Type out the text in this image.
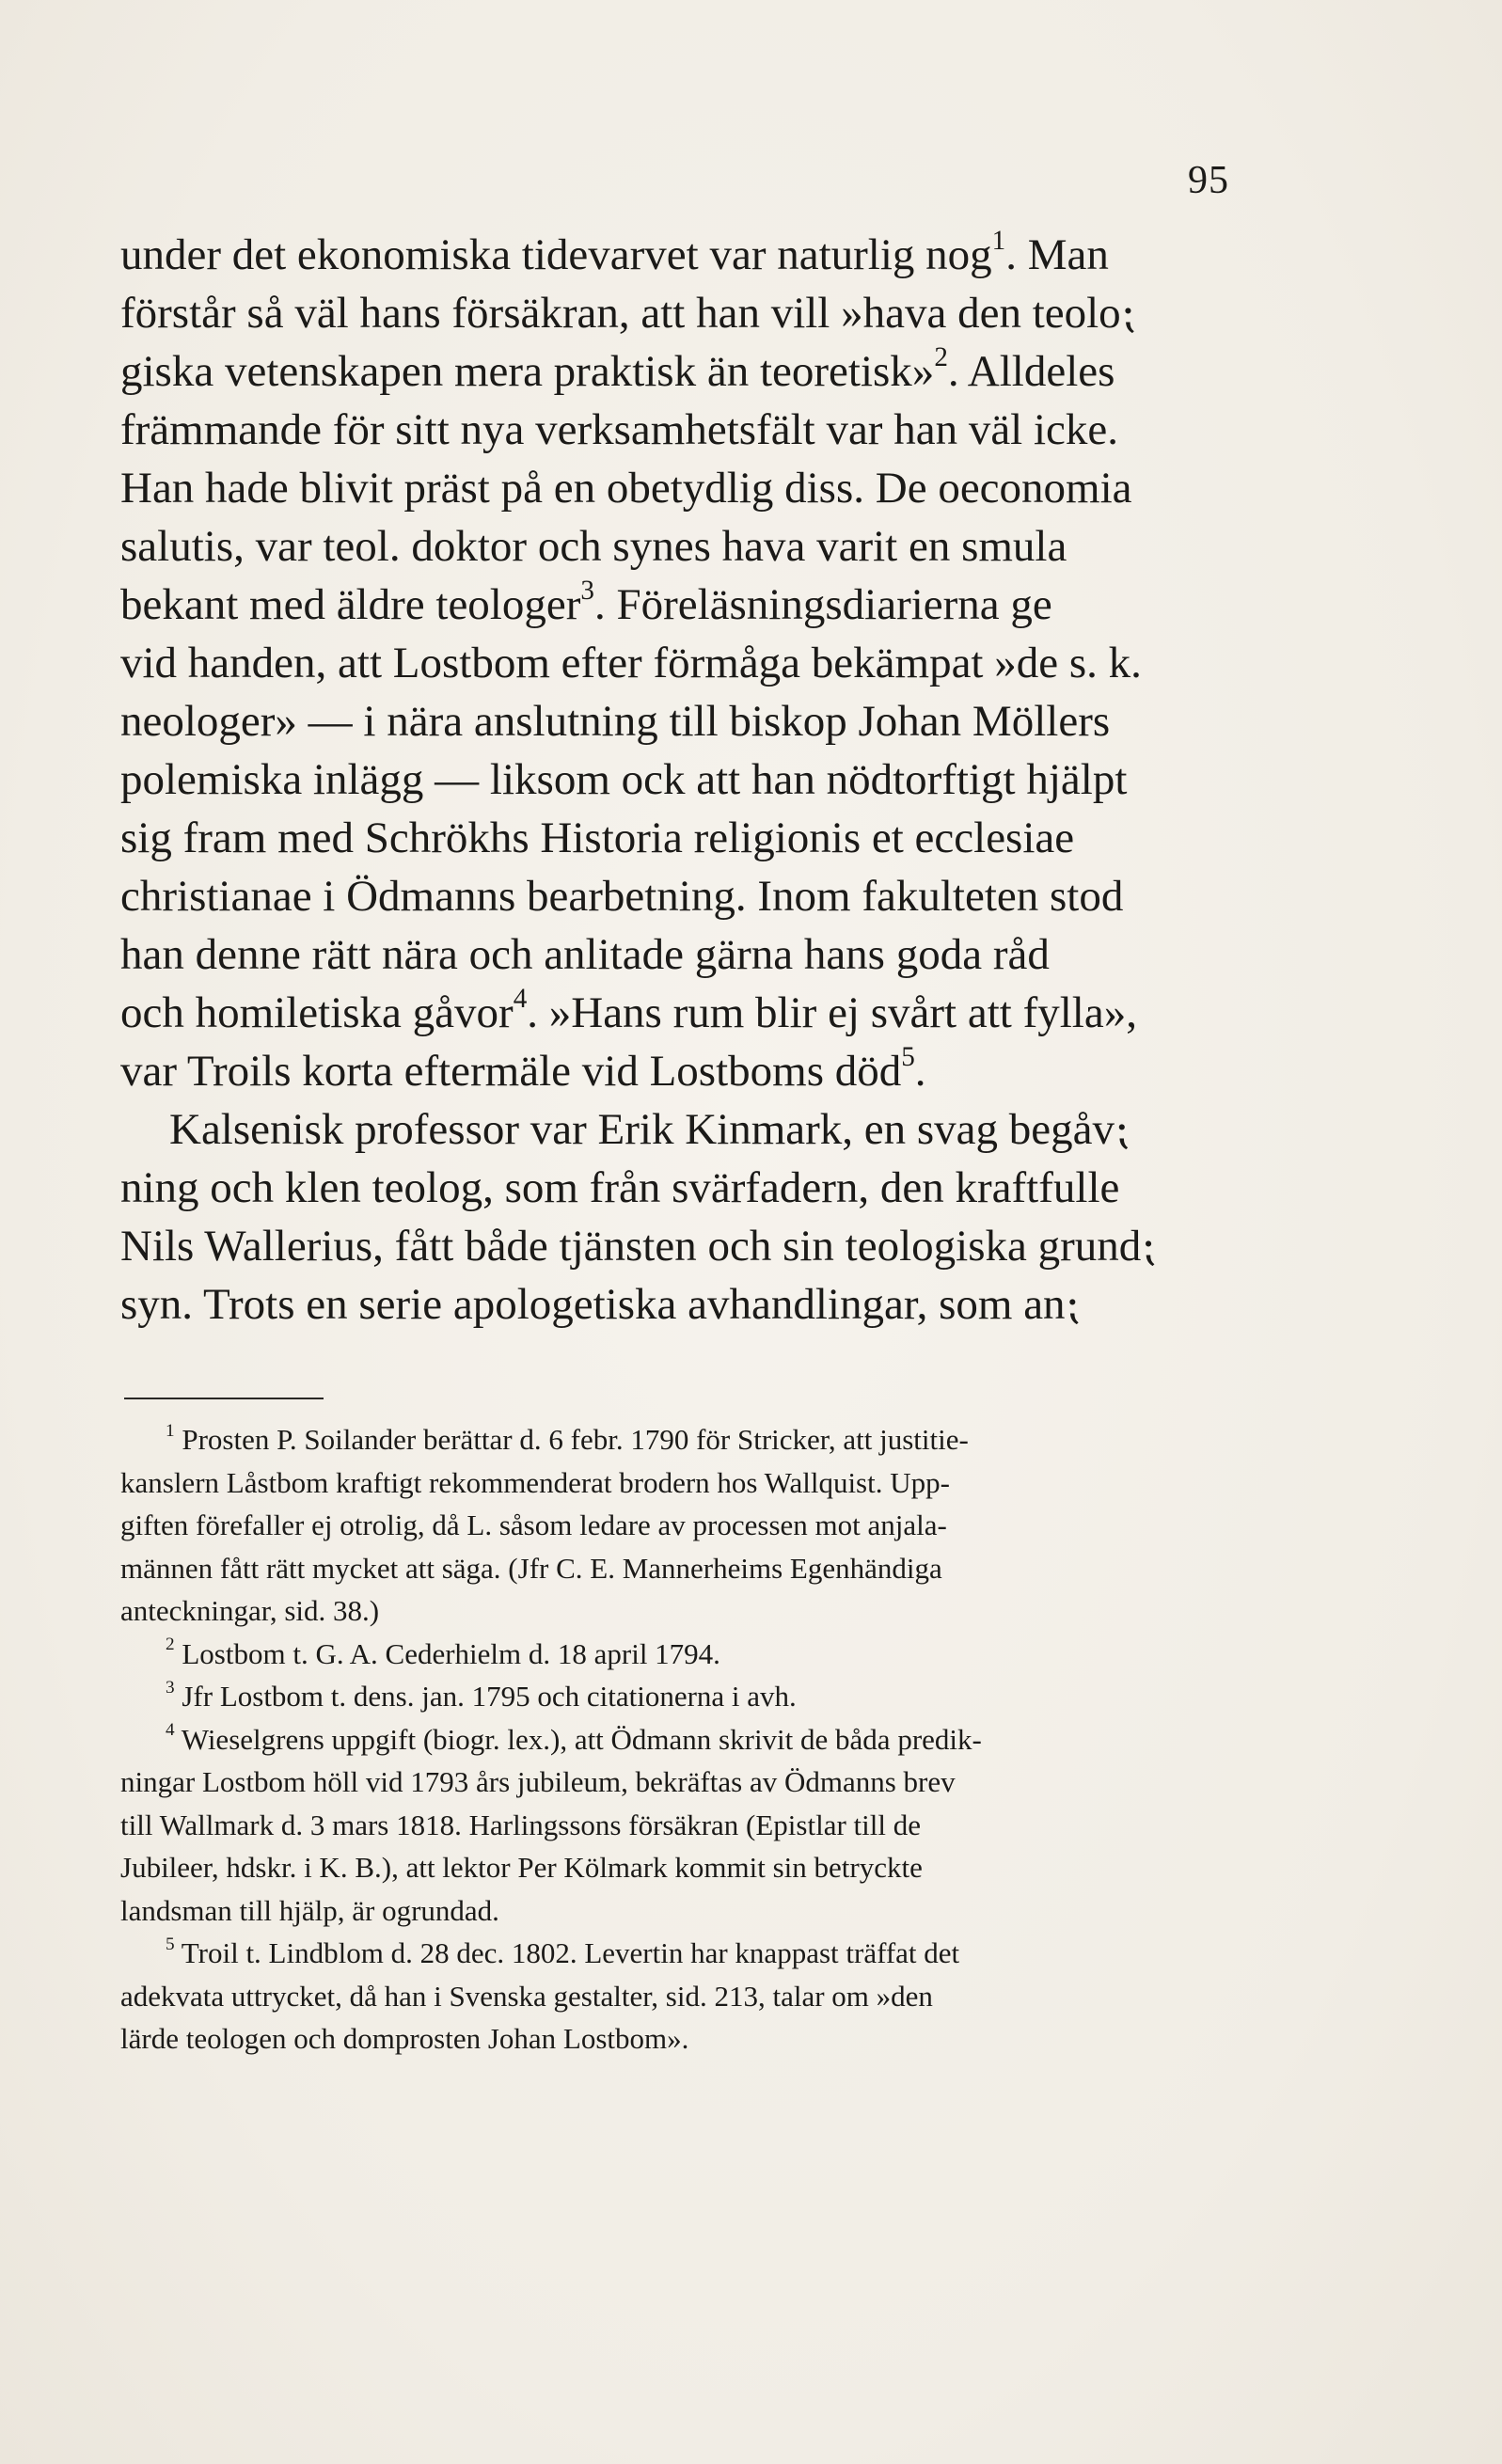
95
under det ekonomiska tidevarvet var naturlig nog$^1$. Man
förstår så väl hans försäkran, att han vill »hava den teolo⁏
giska vetenskapen mera praktisk än teoretisk»$^2$. Alldeles
främmande för sitt nya verksamhetsfält var han väl icke.
Han hade blivit präst på en obetydlig diss. De oeconomia
salutis, var teol. doktor och synes hava varit en smula
bekant med äldre teologer$^3$. Föreläsningsdiarierna ge
vid handen, att Lostbom efter förmåga bekämpat »de s. k.
neologer» — i nära anslutning till biskop Johan Möllers
polemiska inlägg — liksom ock att han nödtorftigt hjälpt
sig fram med Schrökhs Historia religionis et ecclesiae
christianae i Ödmanns bearbetning. Inom fakulteten stod
han denne rätt nära och anlitade gärna hans goda råd
och homiletiska gåvor$^4$. »Hans rum blir ej svårt att fylla»,
var Troils korta eftermäle vid Lostboms död$^5$.
Kalsenisk professor var Erik Kinmark, en svag begåv⁏
ning och klen teolog, som från svärfadern, den kraftfulle
Nils Wallerius, fått både tjänsten och sin teologiska grund⁏
syn. Trots en serie apologetiska avhandlingar, som an⁏
$^1$ Prosten P. Soilander berättar d. 6 febr. 1790 för Stricker, att justitie-
kanslern Låstbom kraftigt rekommenderat brodern hos Wallquist. Upp-
giften förefaller ej otrolig, då L. såsom ledare av processen mot anjala-
männen fått rätt mycket att säga. (Jfr C. E. Mannerheims Egenhändiga
anteckningar, sid. 38.)
$^2$ Lostbom t. G. A. Cederhielm d. 18 april 1794.
$^3$ Jfr Lostbom t. dens. jan. 1795 och citationerna i avh.
$^4$ Wieselgrens uppgift (biogr. lex.), att Ödmann skrivit de båda predik-
ningar Lostbom höll vid 1793 års jubileum, bekräftas av Ödmanns brev
till Wallmark d. 3 mars 1818. Harlingssons försäkran (Epistlar till de
Jubileer, hdskr. i K. B.), att lektor Per Kölmark kommit sin betryckte
landsman till hjälp, är ogrundad.
$^5$ Troil t. Lindblom d. 28 dec. 1802. Levertin har knappast träffat det
adekvata uttrycket, då han i Svenska gestalter, sid. 213, talar om »den
lärde teologen och domprosten Johan Lostbom».
